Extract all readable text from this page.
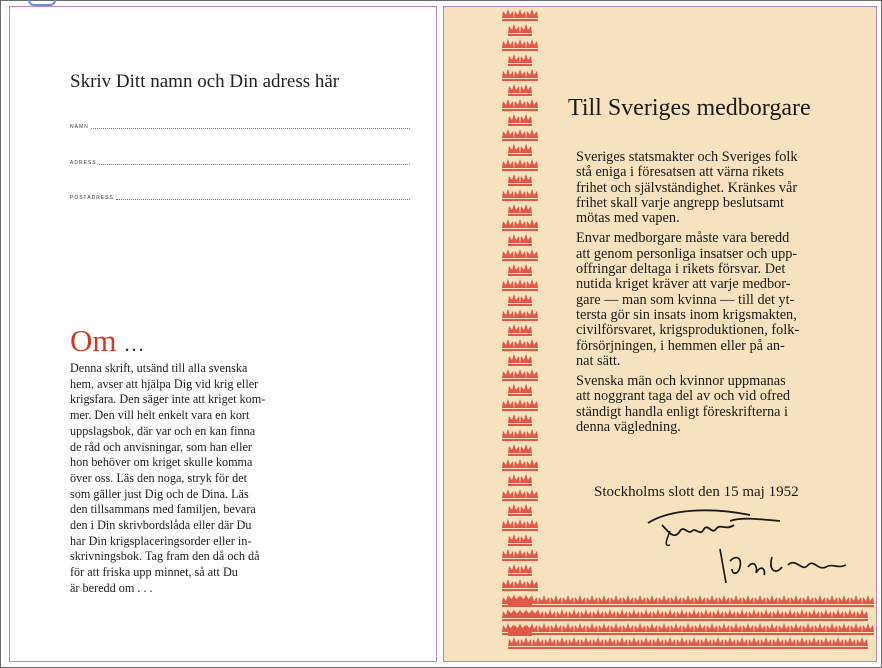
Skriv Ditt namn och Din adress här
NAMN
ADRESS
POSTADRESS
Om ...
Denna skrift, utsänd till alla svenska
hem, avser att hjälpa Dig vid krig eller
krigsfara. Den säger inte att kriget kom-
mer. Den vill helt enkelt vara en kort
uppslagsbok, där var och en kan finna
de råd och anvisningar, som han eller
hon behöver om kriget skulle komma
över oss. Läs den noga, stryk för det
som gäller just Dig och de Dina. Läs
den tillsammans med familjen, bevara
den i Din skrivbordslåda eller där Du
har Din krigsplaceringsorder eller in-
skrivningsbok. Tag fram den då och då
för att friska upp minnet, så att Du
är beredd om . . .
Till Sveriges medborgare
Sveriges statsmakter och Sveriges folk
stå eniga i föresatsen att värna rikets
frihet och självständighet. Kränkes vår
frihet skall varje angrepp beslutsamt
mötas med vapen.
Envar medborgare måste vara beredd
att genom personliga insatser och upp-
offringar deltaga i rikets försvar. Det
nutida kriget kräver att varje medbor-
gare — man som kvinna — till det yt-
tersta gör sin insats inom krigsmakten,
civilförsvaret, krigsproduktionen, folk-
försörjningen, i hemmen eller på an-
nat sätt.
Svenska män och kvinnor uppmanas
att noggrant taga del av och vid ofred
ständigt handla enligt föreskrifterna i
denna vägledning.
Stockholms slott den 15 maj 1952
